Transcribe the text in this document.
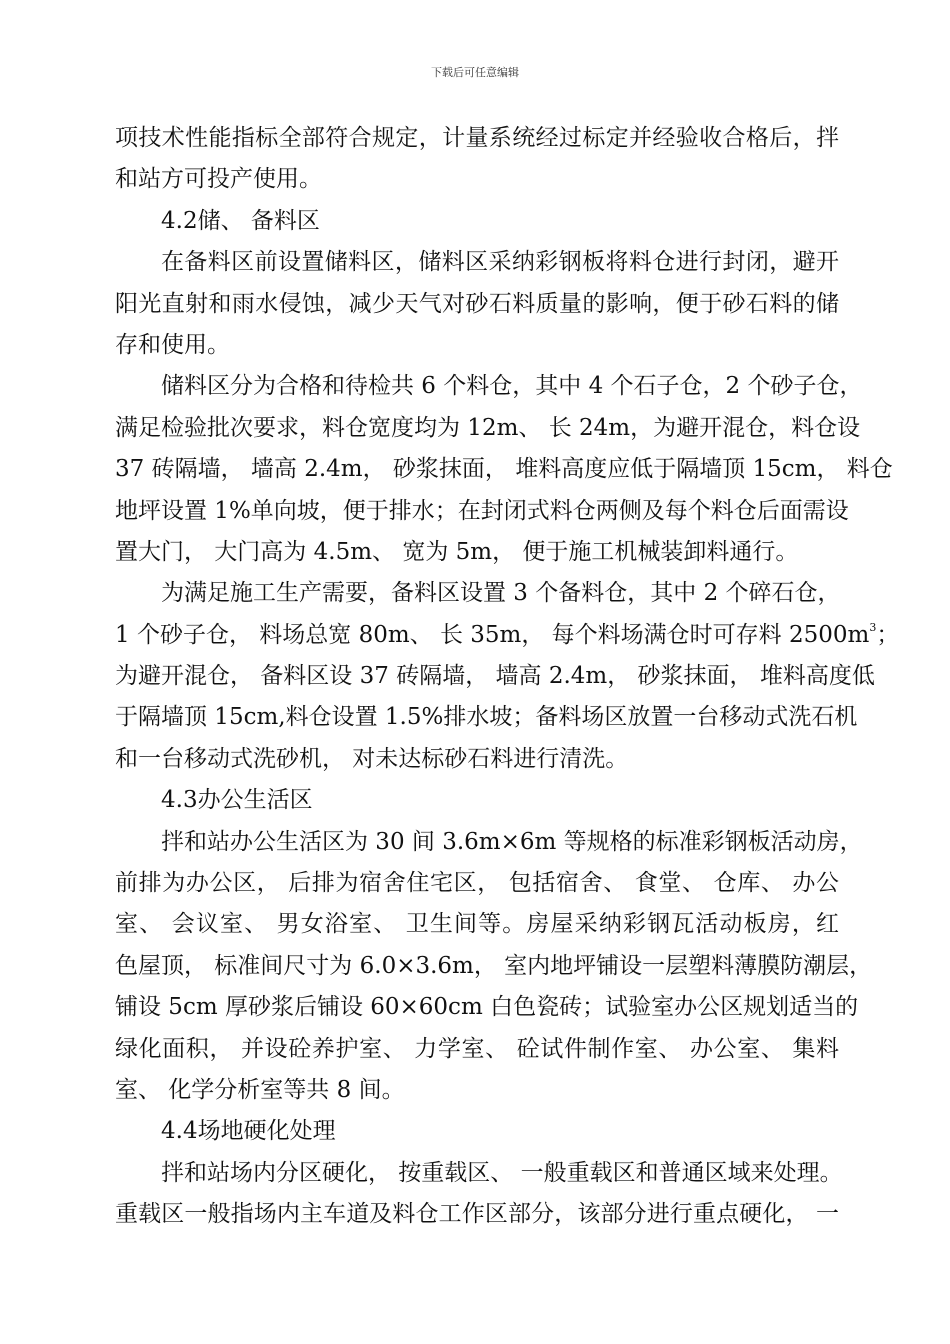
下载后可任意编辑
项技术性能指标全部符合规定，计量系统经过标定并经验收合格后，拌
和站方可投产使用。
4.2储、 备料区
在备料区前设置储料区，储料区采纳彩钢板将料仓进行封闭，避开
阳光直射和雨水侵蚀，减少天气对砂石料质量的影响，便于砂石料的储
存和使用。
储料区分为合格和待检共 6 个料仓，其中 4 个石子仓，2 个砂子仓，
满足检验批次要求，料仓宽度均为 12m、 长 24m，为避开混仓，料仓设
37 砖隔墙， 墙高 2.4m， 砂浆抹面， 堆料高度应低于隔墙顶 15cm， 料仓
地坪设置 1%单向坡，便于排水；在封闭式料仓两侧及每个料仓后面需设
置大门， 大门高为 4.5m、 宽为 5m， 便于施工机械装卸料通行。
为满足施工生产需要，备料区设置 3 个备料仓，其中 2 个碎石仓，
1 个砂子仓， 料场总宽 80m、 长 35m， 每个料场满仓时可存料 $2500m^3$；
为避开混仓， 备料区设 37 砖隔墙， 墙高 2.4m， 砂浆抹面， 堆料高度低
于隔墙顶 15cm,料仓设置 1.5%排水坡；备料场区放置一台移动式洗石机
和一台移动式洗砂机， 对未达标砂石料进行清洗。
4.3办公生活区
拌和站办公生活区为 30 间 3.6m×6m 等规格的标准彩钢板活动房，
前排为办公区， 后排为宿舍住宅区， 包括宿舍、 食堂、 仓库、 办公
室、 会议室、 男女浴室、 卫生间等。房屋采纳彩钢瓦活动板房，红
色屋顶， 标准间尺寸为 6.0×3.6m， 室内地坪铺设一层塑料薄膜防潮层，
铺设 5cm 厚砂浆后铺设 60×60cm 白色瓷砖；试验室办公区规划适当的
绿化面积， 并设砼养护室、 力学室、 砼试件制作室、 办公室、 集料
室、 化学分析室等共 8 间。
4.4场地硬化处理
拌和站场内分区硬化， 按重载区、 一般重载区和普通区域来处理。
重载区一般指场内主车道及料仓工作区部分，该部分进行重点硬化， 一
